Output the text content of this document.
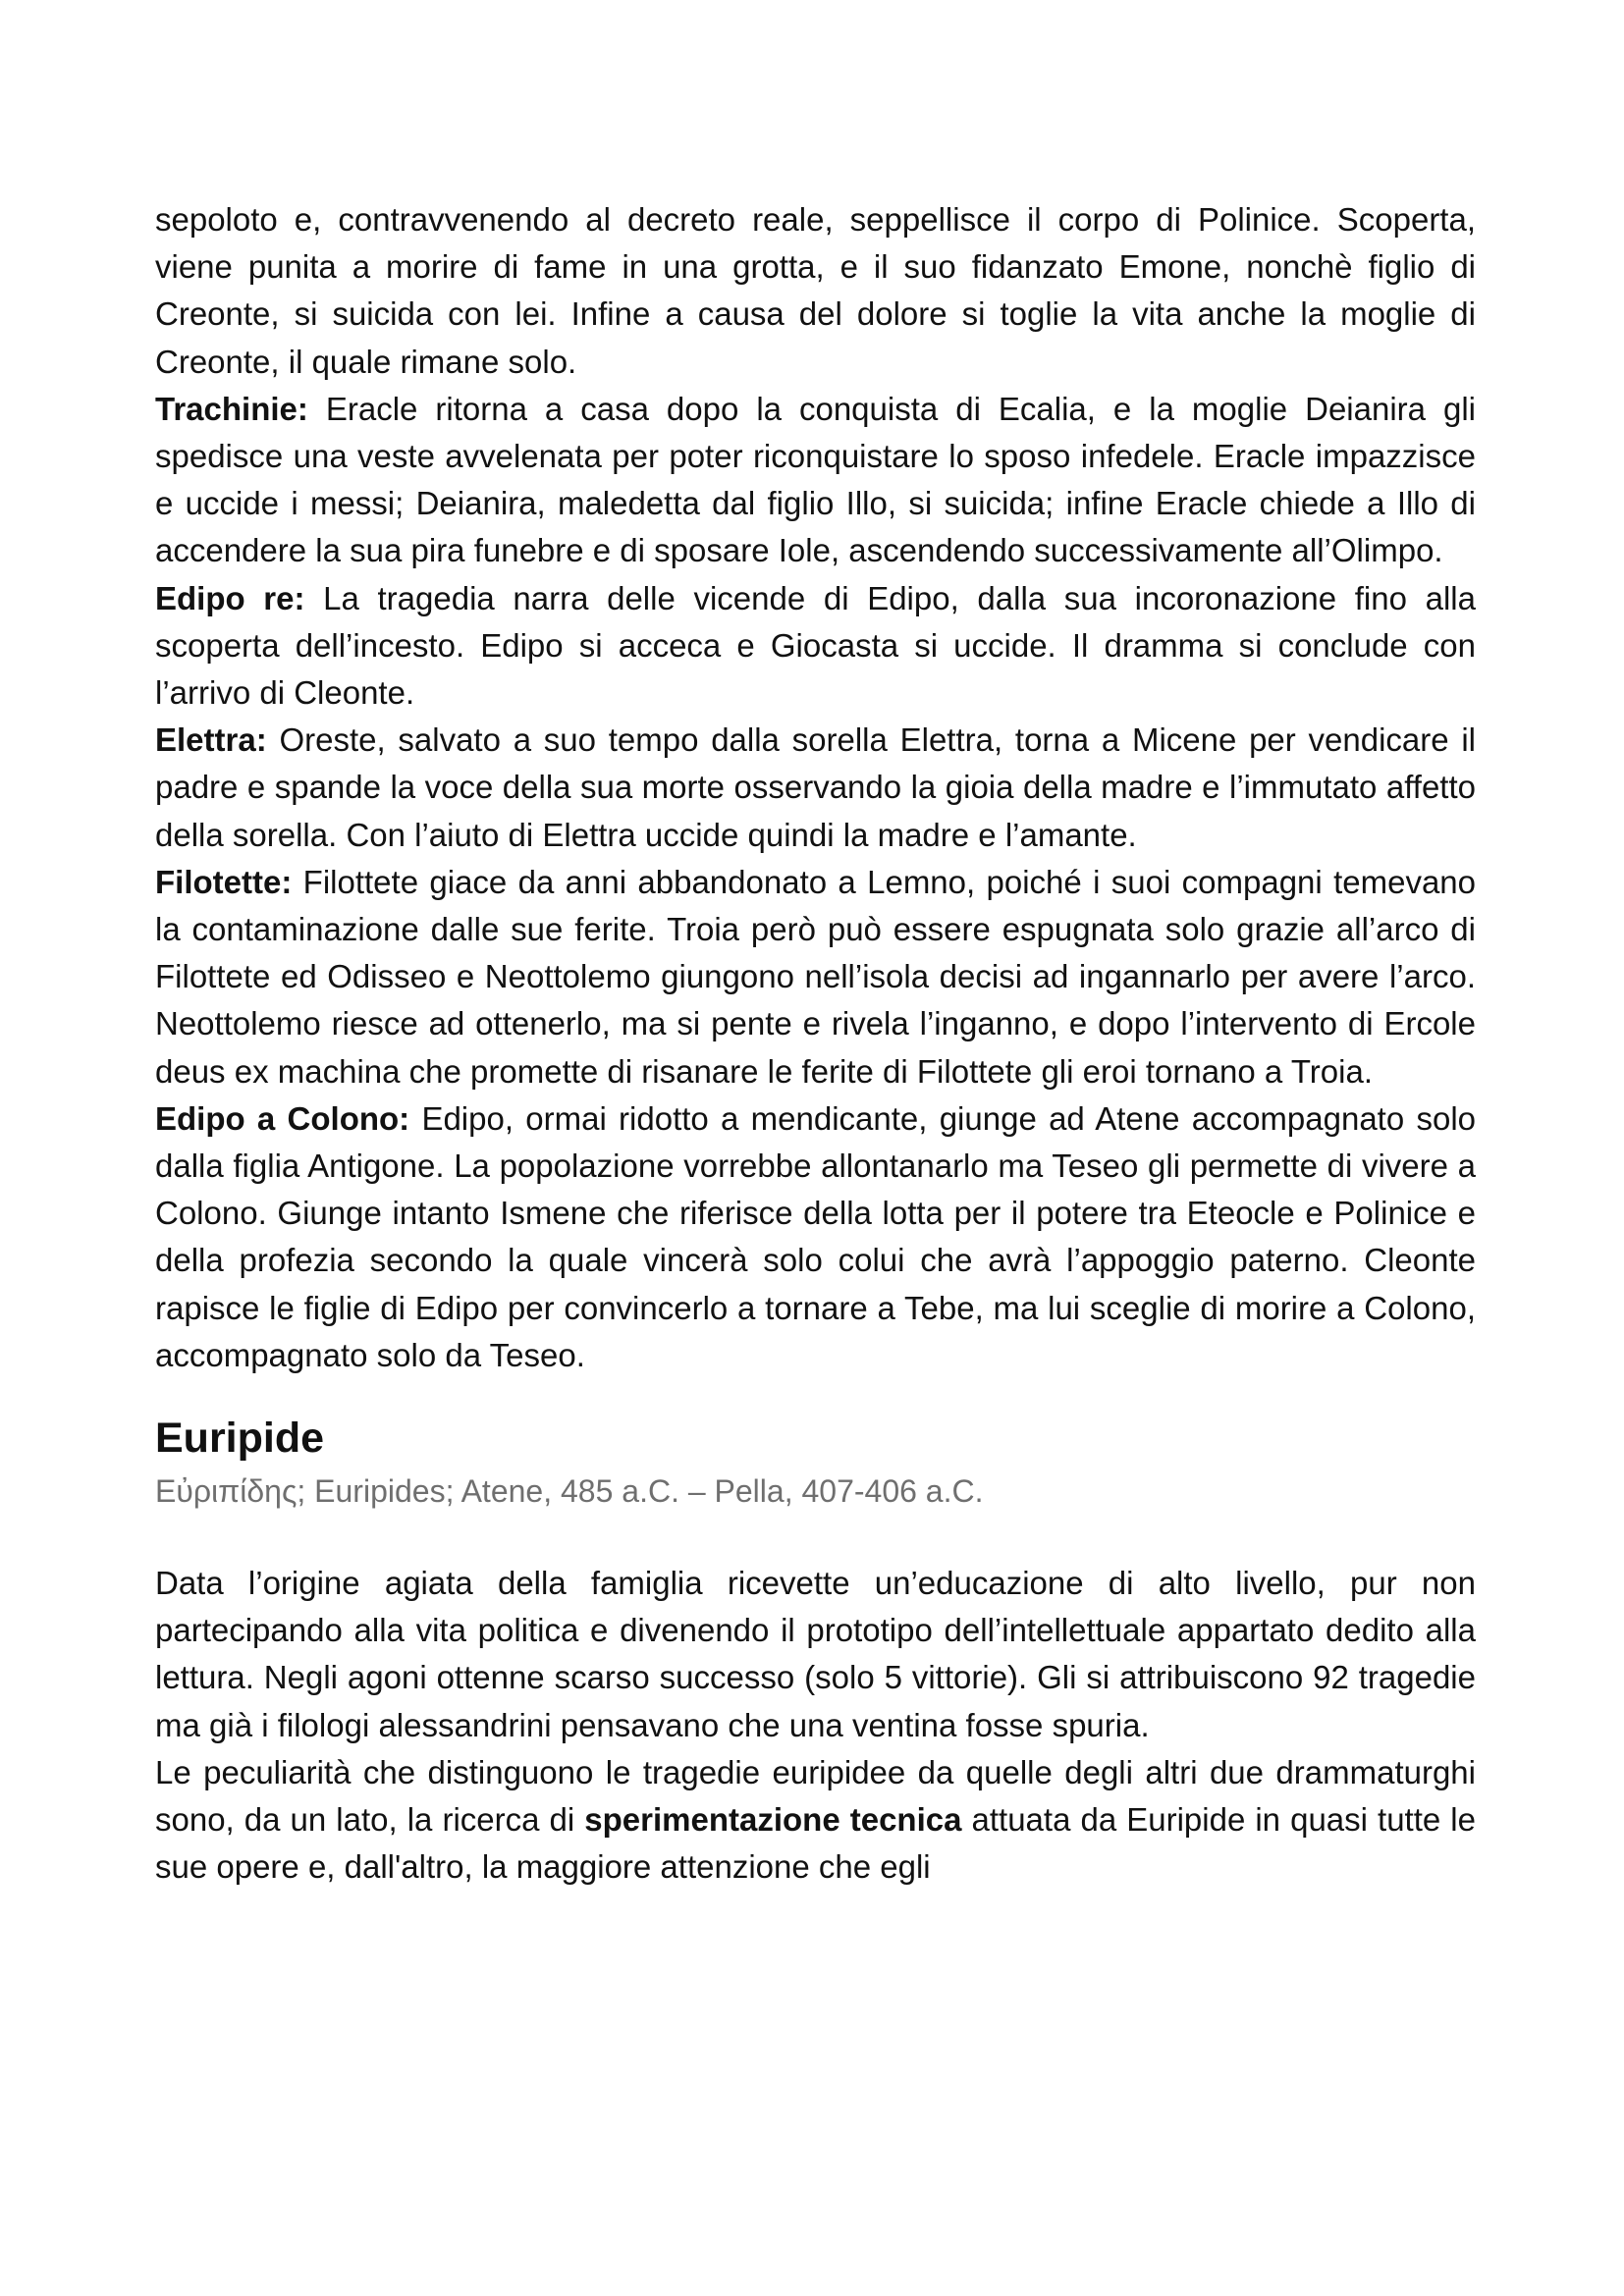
sepoloto e, contravvenendo al decreto reale, seppellisce il corpo di Polinice. Scoperta, viene punita a morire di fame in una grotta, e il suo fidanzato Emone, nonchè figlio di Creonte, si suicida con lei. Infine a causa del dolore si toglie la vita anche la moglie di Creonte, il quale rimane solo.

Trachinie: Eracle ritorna a casa dopo la conquista di Ecalia, e la moglie Deianira gli spedisce una veste avvelenata per poter riconquistare lo sposo infedele. Eracle impazzisce e uccide i messi; Deianira, maledetta dal figlio Illo, si suicida; infine Eracle chiede a Illo di accendere la sua pira funebre e di sposare Iole, ascendendo successivamente all’Olimpo.

Edipo re: La tragedia narra delle vicende di Edipo, dalla sua incoronazione fino alla scoperta dell’incesto. Edipo si acceca e Giocasta si uccide. Il dramma si conclude con l’arrivo di Cleonte.

Elettra: Oreste, salvato a suo tempo dalla sorella Elettra, torna a Micene per vendicare il padre e spande la voce della sua morte osservando la gioia della madre e l’immutato affetto della sorella. Con l’aiuto di Elettra uccide quindi la madre e l’amante.

Filotette: Filottete giace da anni abbandonato a Lemno, poiché i suoi compagni temevano la contaminazione dalle sue ferite. Troia però può essere espugnata solo grazie all’arco di Filottete ed Odisseo e Neottolemo giungono nell’isola decisi ad ingannarlo per avere l’arco. Neottolemo riesce ad ottenerlo, ma si pente e rivela l’inganno, e dopo l’intervento di Ercole deus ex machina che promette di risanare le ferite di Filottete gli eroi tornano a Troia.

Edipo a Colono: Edipo, ormai ridotto a mendicante, giunge ad Atene accompagnato solo dalla figlia Antigone. La popolazione vorrebbe allontanarlo ma Teseo gli permette di vivere a Colono. Giunge intanto Ismene che riferisce della lotta per il potere tra Eteocle e Polinice e della profezia secondo la quale vincerà solo colui che avrà l’appoggio paterno. Cleonte rapisce le figlie di Edipo per convincerlo a tornare a Tebe, ma lui sceglie di morire a Colono, accompagnato solo da Teseo.

Euripide

Εὐριπίδης; Euripides; Atene, 485 a.C. – Pella, 407-406 a.C.

Data l’origine agiata della famiglia ricevette un’educazione di alto livello, pur non partecipando alla vita politica e divenendo il prototipo dell’intellettuale appartato dedito alla lettura. Negli agoni ottenne scarso successo (solo 5 vittorie). Gli si attribuiscono 92 tragedie ma già i filologi alessandrini pensavano che una ventina fosse spuria.

Le peculiarità che distinguono le tragedie euripidee da quelle degli altri due drammaturghi sono, da un lato, la ricerca di sperimentazione tecnica attuata da Euripide in quasi tutte le sue opere e, dall'altro, la maggiore attenzione che egli
